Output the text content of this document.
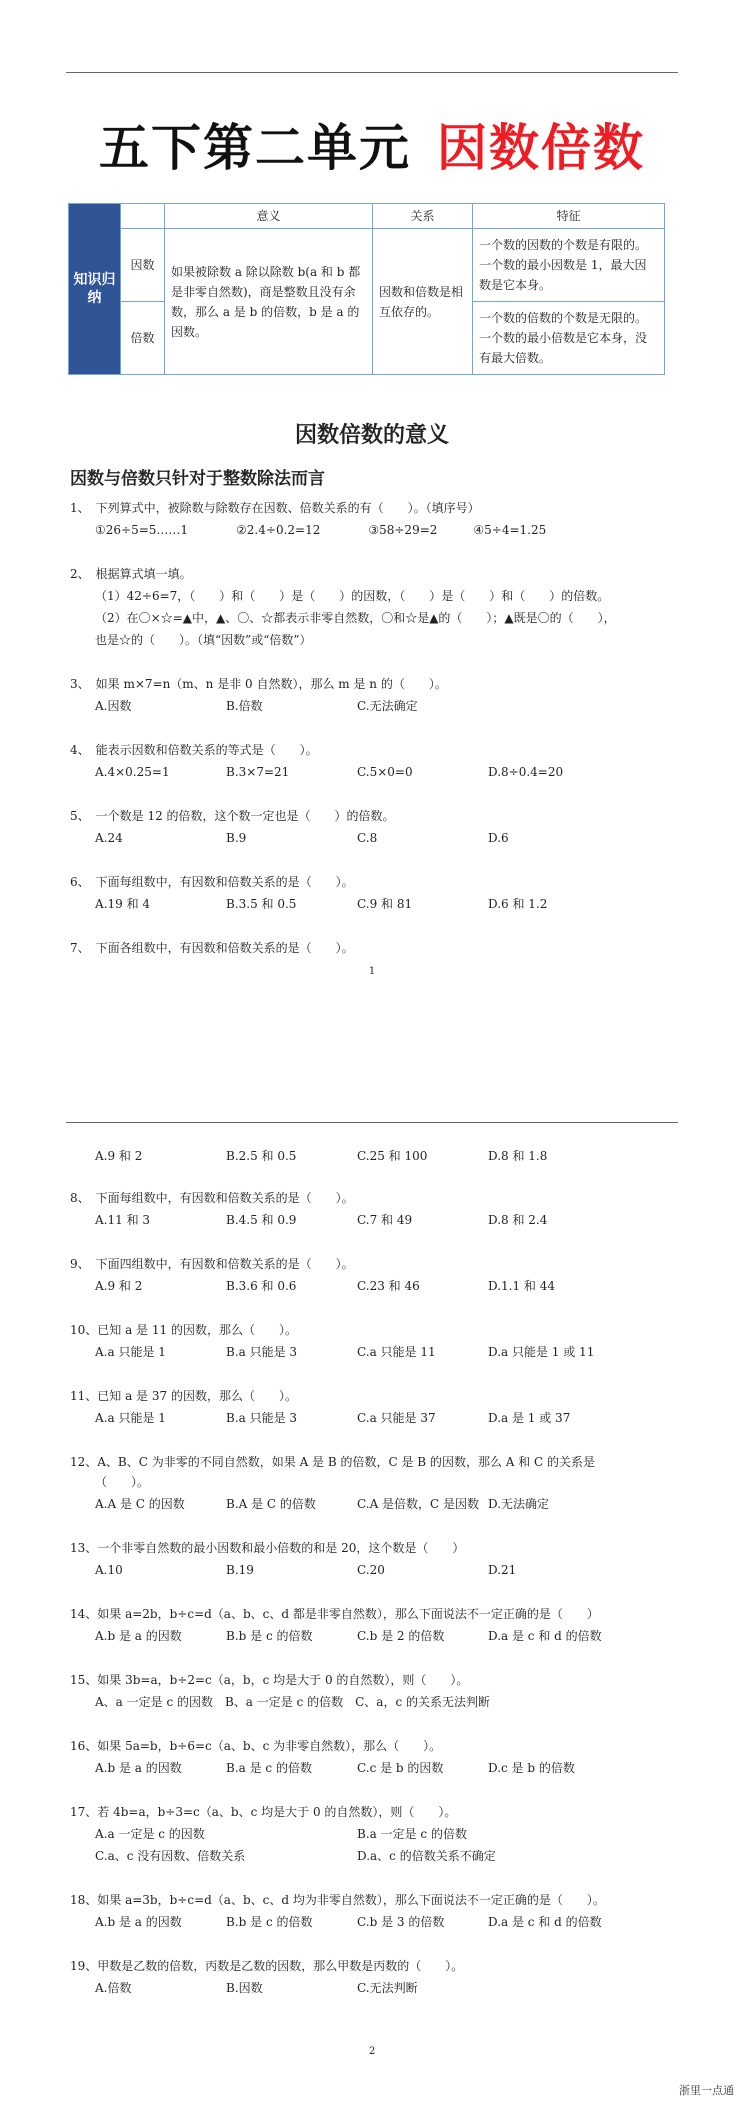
五下第二单元 因数倍数
知识归纳		意义	关系	特征
	因数	如果被除数 a 除以除数 b(a 和 b 都是非零自然数)，商是整数且没有余数，那么 a 是 b 的倍数，b 是 a 的因数。	因数和倍数是相互依存的。	一个数的因数的个数是有限的。一个数的最小因数是 1，最大因数是它本身。
	倍数			一个数的倍数的个数是无限的。一个数的最小倍数是它本身，没有最大倍数。
因数倍数的意义
因数与倍数只针对于整数除法而言
1、　下列算式中，被除数与除数存在因数、倍数关系的有（　　）。（填序号）
①26÷5=5……1　　　　②2.4÷0.2=12　　　　③58÷29=2　　　④5÷4=1.25
2、　根据算式填一填。
（1）42÷6=7，（　　）和（　　）是（　　）的因数，（　　）是（　　）和（　　）的倍数。
（2）在〇×☆=▲中，▲、〇、☆都表示非零自然数，〇和☆是▲的（　　）；▲既是〇的（　　），
也是☆的（　　）。（填“因数”或“倍数”）
3、　如果 m×7=n（m、n 是非 0 自然数），那么 m 是 n 的（　　）。
A.因数	B.倍数	C.无法确定
4、　能表示因数和倍数关系的等式是（　　）。
A.4×0.25=1	B.3×7=21	C.5×0=0	D.8÷0.4=20
5、　一个数是 12 的倍数，这个数一定也是（　　）的倍数。
A.24	B.9	C.8	D.6
6、　下面每组数中，有因数和倍数关系的是（　　）。
A.19 和 4	B.3.5 和 0.5	C.9 和 81	D.6 和 1.2
7、　下面各组数中，有因数和倍数关系的是（　　）。
1
A.9 和 2	B.2.5 和 0.5	C.25 和 100	D.8 和 1.8
8、　下面每组数中，有因数和倍数关系的是（　　）。
A.11 和 3	B.4.5 和 0.9	C.7 和 49	D.8 和 2.4
9、　下面四组数中，有因数和倍数关系的是（　　）。
A.9 和 2	B.3.6 和 0.6	C.23 和 46	D.1.1 和 44
10、已知 a 是 11 的因数，那么（　　）。
A.a 只能是 1	B.a 只能是 3	C.a 只能是 11	D.a 只能是 1 或 11
11、已知 a 是 37 的因数，那么（　　）。
A.a 只能是 1	B.a 只能是 3	C.a 只能是 37	D.a 是 1 或 37
12、A、B、C 为非零的不同自然数，如果 A 是 B 的倍数，C 是 B 的因数，那么 A 和 C 的关系是
（　　）。
A.A 是 C 的因数	B.A 是 C 的倍数	C.A 是倍数，C 是因数 D.无法确定
13、一个非零自然数的最小因数和最小倍数的和是 20，这个数是（　　）
A.10	B.19	C.20	D.21
14、如果 a=2b，b÷c=d（a、b、c、d 都是非零自然数），那么下面说法不一定正确的是（　　）
A.b 是 a 的因数	B.b 是 c 的倍数	C.b 是 2 的倍数	D.a 是 c 和 d 的倍数
15、如果 3b=a，b÷2=c（a，b，c 均是大于 0 的自然数），则（　　）。
A、a 一定是 c 的因数　B、a 一定是 c 的倍数　C、a，c 的关系无法判断
16、如果 5a=b，b÷6=c（a、b、c 为非零自然数），那么（　　）。
A.b 是 a 的因数	B.a 是 c 的倍数	C.c 是 b 的因数	D.c 是 b 的倍数
17、若 4b=a，b÷3=c（a、b、c 均是大于 0 的自然数），则（　　）。
A.a 一定是 c 的因数	B.a 一定是 c 的倍数
C.a、c 没有因数、倍数关系	D.a、c 的倍数关系不确定
18、如果 a=3b，b÷c=d（a、b、c、d 均为非零自然数），那么下面说法不一定正确的是（　　）。
A.b 是 a 的因数	B.b 是 c 的倍数	C.b 是 3 的倍数	D.a 是 c 和 d 的倍数
19、甲数是乙数的倍数，丙数是乙数的因数，那么甲数是丙数的（　　）。
A.倍数	B.因数	C.无法判断
2
浙里一点通
